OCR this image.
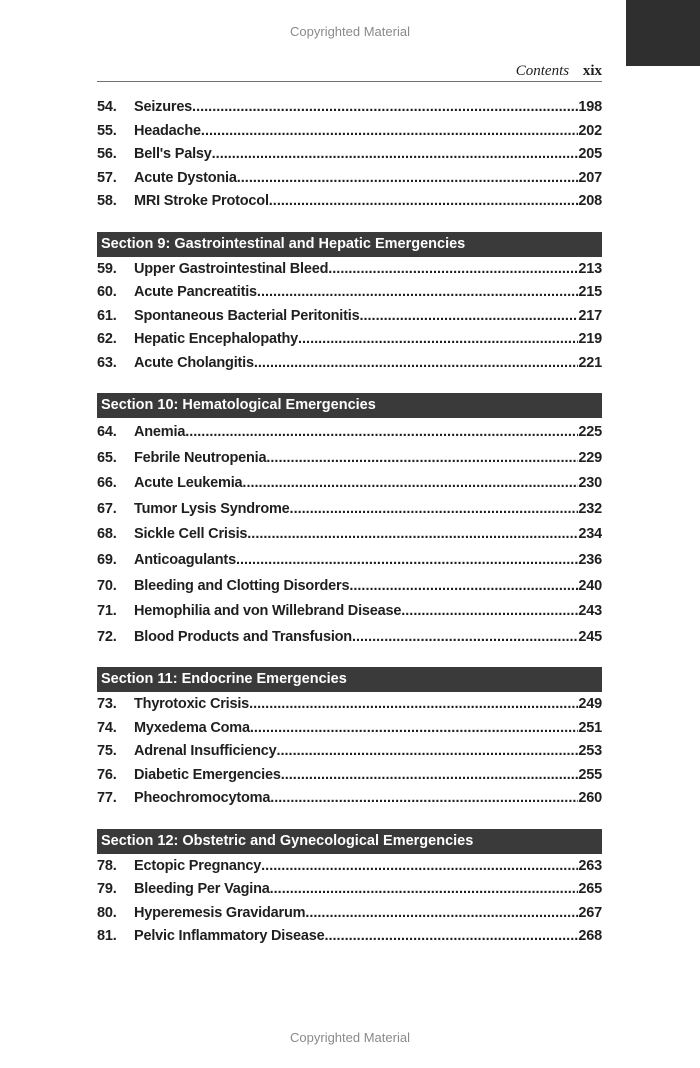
Copyrighted Material
Contents xix
54.	Seizures .....	198
55.	Headache .....	202
56.	Bell's Palsy .....	205
57.	Acute Dystonia .....	207
58.	MRI Stroke Protocol .....	208
Section 9: Gastrointestinal and Hepatic Emergencies
59.	Upper Gastrointestinal Bleed .....	213
60.	Acute Pancreatitis .....	215
61.	Spontaneous Bacterial Peritonitis .....	217
62.	Hepatic Encephalopathy .....	219
63.	Acute Cholangitis .....	221
Section 10: Hematological Emergencies
64.	Anemia .....	225
65.	Febrile Neutropenia .....	229
66.	Acute Leukemia .....	230
67.	Tumor Lysis Syndrome .....	232
68.	Sickle Cell Crisis .....	234
69.	Anticoagulants .....	236
70.	Bleeding and Clotting Disorders .....	240
71.	Hemophilia and von Willebrand Disease .....	243
72.	Blood Products and Transfusion .....	245
Section 11: Endocrine Emergencies
73.	Thyrotoxic Crisis .....	249
74.	Myxedema Coma .....	251
75.	Adrenal Insufficiency .....	253
76.	Diabetic Emergencies .....	255
77.	Pheochromocytoma .....	260
Section 12: Obstetric and Gynecological Emergencies
78.	Ectopic Pregnancy .....	263
79.	Bleeding Per Vagina .....	265
80.	Hyperemesis Gravidarum .....	267
81.	Pelvic Inflammatory Disease .....	268
Copyrighted Material
